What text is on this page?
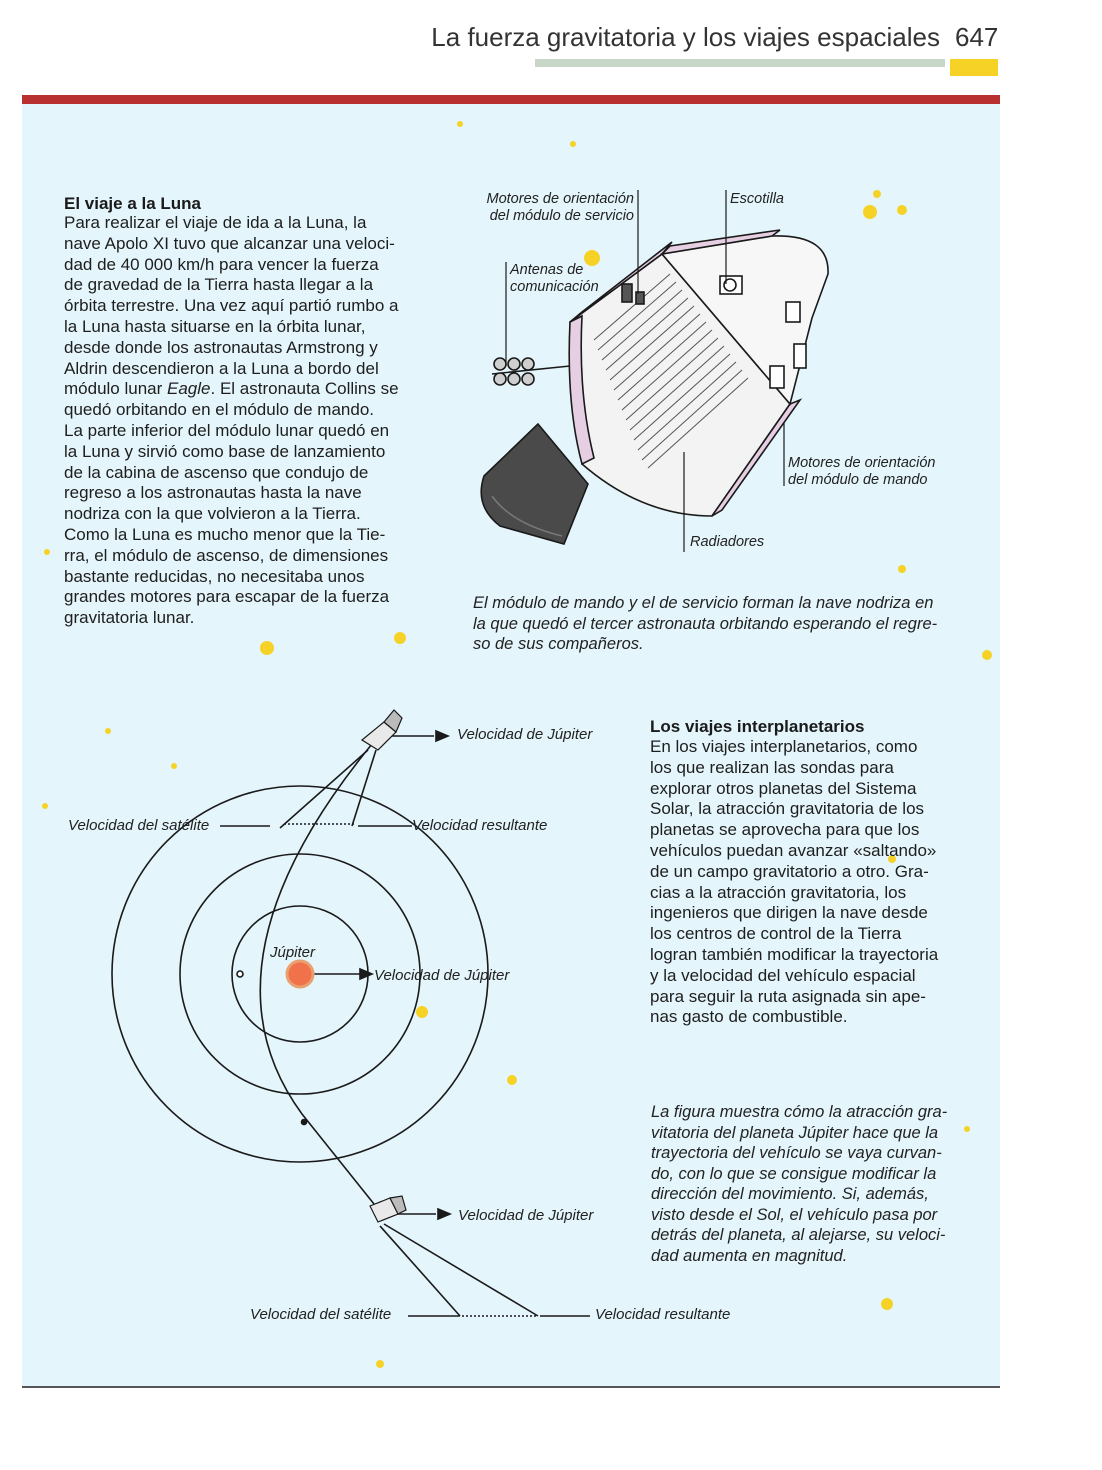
La fuerza gravitatoria y los viajes espaciales 647
El viaje a la Luna
Para realizar el viaje de ida a la Luna, la
nave Apolo XI tuvo que alcanzar una veloci-
dad de 40 000 km/h para vencer la fuerza
de gravedad de la Tierra hasta llegar a la
órbita terrestre. Una vez aquí partió rumbo a
la Luna hasta situarse en la órbita lunar,
desde donde los astronautas Armstrong y
Aldrin descendieron a la Luna a bordo del
módulo lunar Eagle. El astronauta Collins se
quedó orbitando en el módulo de mando.
La parte inferior del módulo lunar quedó en
la Luna y sirvió como base de lanzamiento
de la cabina de ascenso que condujo de
regreso a los astronautas hasta la nave
nodriza con la que volvieron a la Tierra.
Como la Luna es mucho menor que la Tie-
rra, el módulo de ascenso, de dimensiones
bastante reducidas, no necesitaba unos
grandes motores para escapar de la fuerza
gravitatoria lunar.
Motores de orientación
del módulo de servicio
Escotilla
Antenas de
comunicación
Motores de orientación
del módulo de mando
Radiadores
El módulo de mando y el de servicio forman la nave nodriza en
la que quedó el tercer astronauta orbitando esperando el regre-
so de sus compañeros.
Velocidad de Júpiter
Velocidad del satélite	Velocidad resultante
Júpiter
Velocidad de Júpiter
Velocidad de Júpiter
Velocidad del satélite	Velocidad resultante
Los viajes interplanetarios
En los viajes interplanetarios, como
los que realizan las sondas para
explorar otros planetas del Sistema
Solar, la atracción gravitatoria de los
planetas se aprovecha para que los
vehículos puedan avanzar «saltando»
de un campo gravitatorio a otro. Gra-
cias a la atracción gravitatoria, los
ingenieros que dirigen la nave desde
los centros de control de la Tierra
logran también modificar la trayectoria
y la velocidad del vehículo espacial
para seguir la ruta asignada sin ape-
nas gasto de combustible.
La figura muestra cómo la atracción gra-
vitatoria del planeta Júpiter hace que la
trayectoria del vehículo se vaya curvan-
do, con lo que se consigue modificar la
dirección del movimiento. Si, además,
visto desde el Sol, el vehículo pasa por
detrás del planeta, al alejarse, su veloci-
dad aumenta en magnitud.
